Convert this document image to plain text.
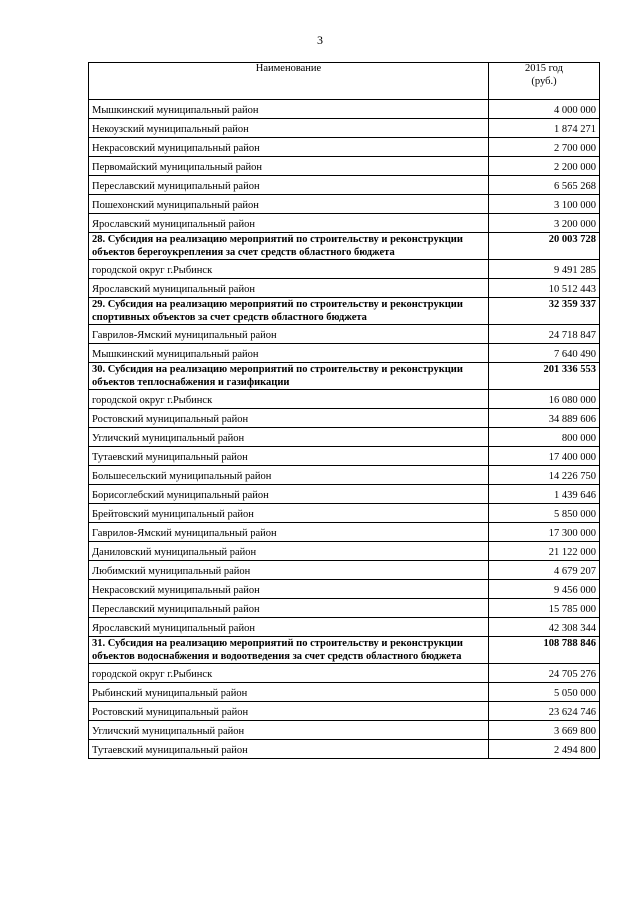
3
Наименование	2015 год
(руб.)

Мышкинский муниципальный район	4 000 000
Некоузский муниципальный район	1 874 271
Некрасовский муниципальный район	2 700 000
Первомайский муниципальный район	2 200 000
Переславский муниципальный район	6 565 268
Пошехонский муниципальный район	3 100 000
Ярославский муниципальный район	3 200 000
28. Субсидия на реализацию мероприятий по строительству и реконструкции объектов берегоукрепления за счет средств областного бюджета	20 003 728
городской округ г.Рыбинск	9 491 285
Ярославский муниципальный район	10 512 443
29. Субсидия на реализацию мероприятий по строительству и реконструкции спортивных объектов за счет средств областного бюджета	32 359 337
Гаврилов-Ямский муниципальный район	24 718 847
Мышкинский муниципальный район	7 640 490
30. Субсидия на реализацию мероприятий по строительству и реконструкции объектов теплоснабжения и газификации	201 336 553
городской округ г.Рыбинск	16 080 000
Ростовский муниципальный район	34 889 606
Угличский муниципальный район	800 000
Тутаевский муниципальный район	17 400 000
Большесельский муниципальный район	14 226 750
Борисоглебский муниципальный район	1 439 646
Брейтовский муниципальный район	5 850 000
Гаврилов-Ямский муниципальный район	17 300 000
Даниловский муниципальный район	21 122 000
Любимский муниципальный район	4 679 207
Некрасовский муниципальный район	9 456 000
Переславский муниципальный район	15 785 000
Ярославский муниципальный район	42 308 344
31. Субсидия на реализацию мероприятий по строительству и реконструкции объектов водоснабжения и водоотведения за счет средств областного бюджета	108 788 846
городской округ г.Рыбинск	24 705 276
Рыбинский муниципальный район	5 050 000
Ростовский муниципальный район	23 624 746
Угличский муниципальный район	3 669 800
Тутаевский муниципальный район	2 494 800
